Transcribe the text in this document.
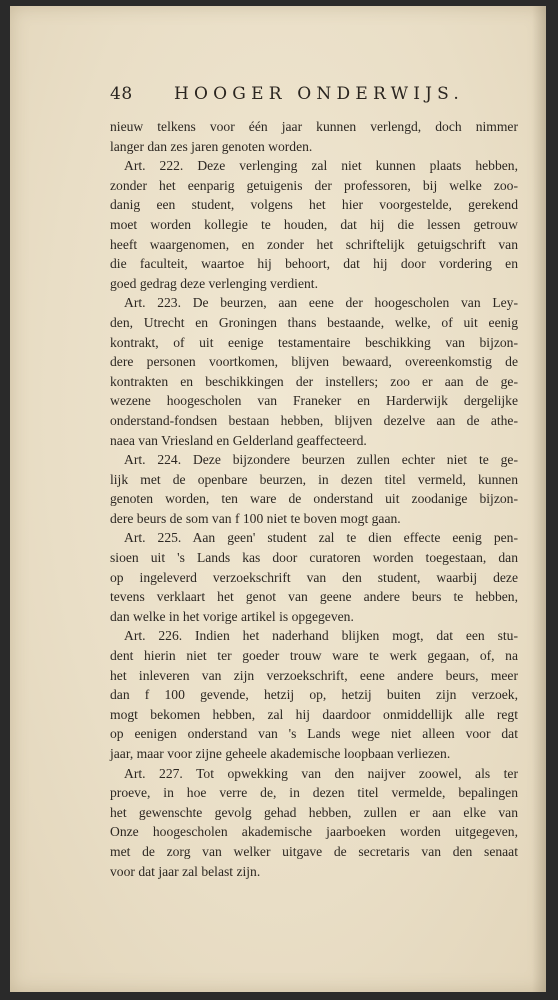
48 HOOGER ONDERWIJS.
nieuw telkens voor één jaar kunnen verlengd, doch nimmer
langer dan zes jaren genoten worden.
Art. 222. Deze verlenging zal niet kunnen plaats hebben,
zonder het eenparig getuigenis der professoren, bij welke zoo-
danig een student, volgens het hier voorgestelde, gerekend
moet worden kollegie te houden, dat hij die lessen getrouw
heeft waargenomen, en zonder het schriftelijk getuigschrift van
die faculteit, waartoe hij behoort, dat hij door vordering en
goed gedrag deze verlenging verdient.
Art. 223. De beurzen, aan eene der hoogescholen van Ley-
den, Utrecht en Groningen thans bestaande, welke, of uit eenig
kontrakt, of uit eenige testamentaire beschikking van bijzon-
dere personen voortkomen, blijven bewaard, overeenkomstig de
kontrakten en beschikkingen der instellers; zoo er aan de ge-
wezene hoogescholen van Franeker en Harderwijk dergelijke
onderstand-fondsen bestaan hebben, blijven dezelve aan de athe-
naea van Vriesland en Gelderland geaffecteerd.
Art. 224. Deze bijzondere beurzen zullen echter niet te ge-
lijk met de openbare beurzen, in dezen titel vermeld, kunnen
genoten worden, ten ware de onderstand uit zoodanige bijzon-
dere beurs de som van f 100 niet te boven mogt gaan.
Art. 225. Aan geen' student zal te dien effecte eenig pen-
sioen uit 's Lands kas door curatoren worden toegestaan, dan
op ingeleverd verzoekschrift van den student, waarbij deze
tevens verklaart het genot van geene andere beurs te hebben,
dan welke in het vorige artikel is opgegeven.
Art. 226. Indien het naderhand blijken mogt, dat een stu-
dent hierin niet ter goeder trouw ware te werk gegaan, of, na
het inleveren van zijn verzoekschrift, eene andere beurs, meer
dan f 100 gevende, hetzij op, hetzij buiten zijn verzoek,
mogt bekomen hebben, zal hij daardoor onmiddellijk alle regt
op eenigen onderstand van 's Lands wege niet alleen voor dat
jaar, maar voor zijne geheele akademische loopbaan verliezen.
Art. 227. Tot opwekking van den naijver zoowel, als ter
proeve, in hoe verre de, in dezen titel vermelde, bepalingen
het gewenschte gevolg gehad hebben, zullen er aan elke van
Onze hoogescholen akademische jaarboeken worden uitgegeven,
met de zorg van welker uitgave de secretaris van den senaat
voor dat jaar zal belast zijn.
